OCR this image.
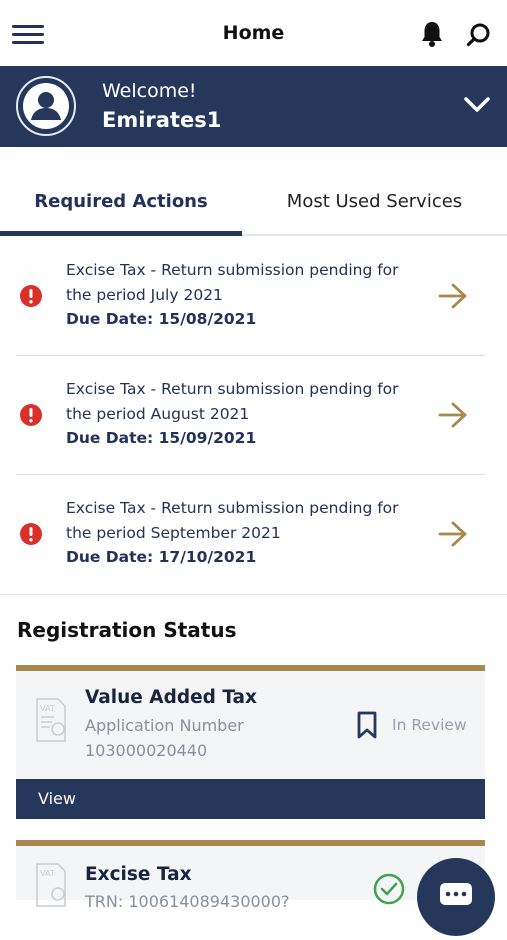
Home
Welcome!
Emirates1
Required Actions	Most Used Services
Excise Tax - Return submission pending for
the period July 2021
Due Date: 15/08/2021
Excise Tax - Return submission pending for
the period August 2021
Due Date: 15/09/2021
Excise Tax - Return submission pending for
the period September 2021
Due Date: 17/10/2021
Registration Status
VAT
Value Added Tax
Application Number
103000020440
In Review
View
VAT Excise Tax
TRN: 100614089430000?
